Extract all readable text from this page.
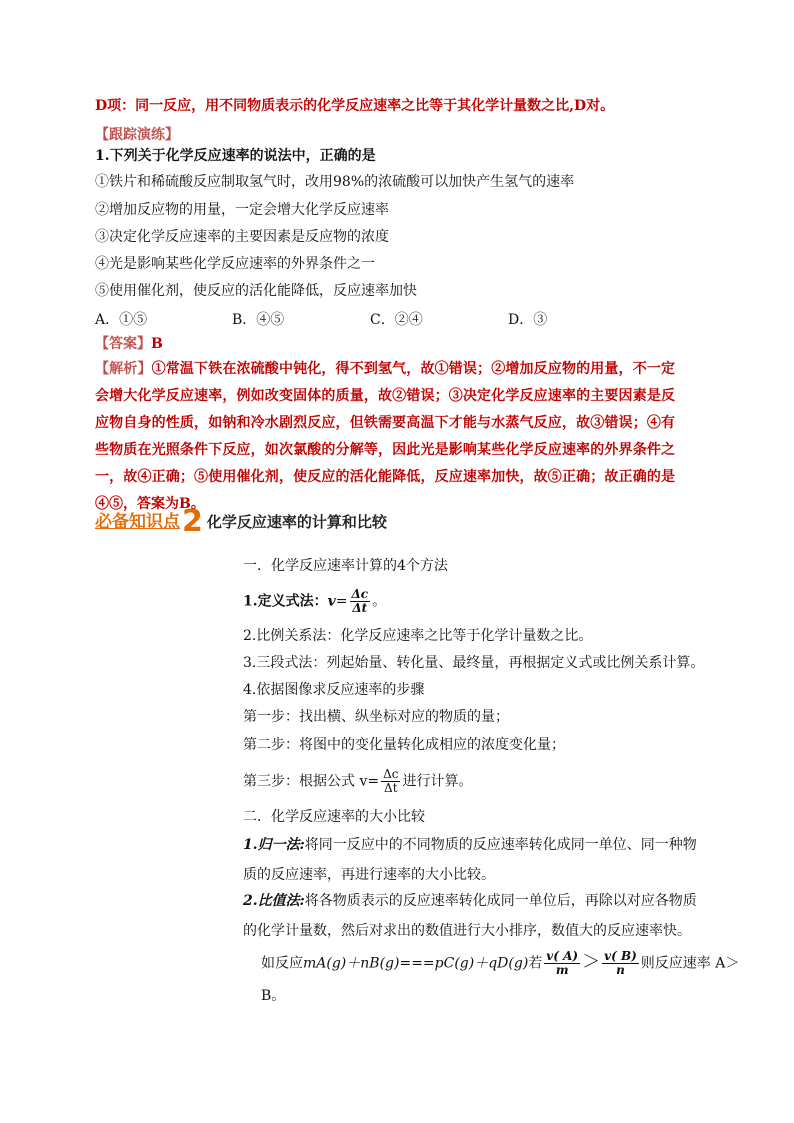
D项：同一反应，用不同物质表示的化学反应速率之比等于其化学计量数之比,D对。
【跟踪演练】
1.下列关于化学反应速率的说法中，正确的是
①铁片和稀硫酸反应制取氢气时，改用98%的浓硫酸可以加快产生氢气的速率
②增加反应物的用量，一定会增大化学反应速率
③决定化学反应速率的主要因素是反应物的浓度
④光是影响某些化学反应速率的外界条件之一
⑤使用催化剂，使反应的活化能降低，反应速率加快
A．①⑤	B．④⑤	C．②④	D．③
【答案】B
【解析】①常温下铁在浓硫酸中钝化，得不到氢气，故①错误；②增加反应物的用量，不一定会增大化学反应速率，例如改变固体的质量，故②错误；③决定化学反应速率的主要因素是反应物自身的性质，如钠和冷水剧烈反应，但铁需要高温下才能与水蒸气反应，故③错误；④有些物质在光照条件下反应，如次氯酸的分解等，因此光是影响某些化学反应速率的外界条件之一，故④正确；⑤使用催化剂，使反应的活化能降低，反应速率加快，故⑤正确；故正确的是④⑤，答案为B。
必备知识点2 化学反应速率的计算和比较
一．化学反应速率计算的4个方法
1.定义式法：$v= \frac{\Delta c}{\Delta t}$ 。
2.比例关系法：化学反应速率之比等于化学计量数之比。
3.三段式法：列起始量、转化量、最终量，再根据定义式或比例关系计算。
4.依据图像求反应速率的步骤
第一步：找出横、纵坐标对应的物质的量；
第二步：将图中的变化量转化成相应的浓度变化量；
第三步：根据公式 $v= \frac{\Delta c}{\Delta t}$ 进行计算。
二．化学反应速率的大小比较
1.归一法:将同一反应中的不同物质的反应速率转化成同一单位、同一种物质的反应速率，再进行速率的大小比较。
2.比值法:将各物质表示的反应速率转化成同一单位后，再除以对应各物质的化学计量数，然后对求出的数值进行大小排序，数值大的反应速率快。
如反应mA(g)＋nB(g)===pC(g)＋qD(g)若 $\frac{v( A)}{m} > \frac{v( B)}{n}$ 则反应速率 A＞
B。
